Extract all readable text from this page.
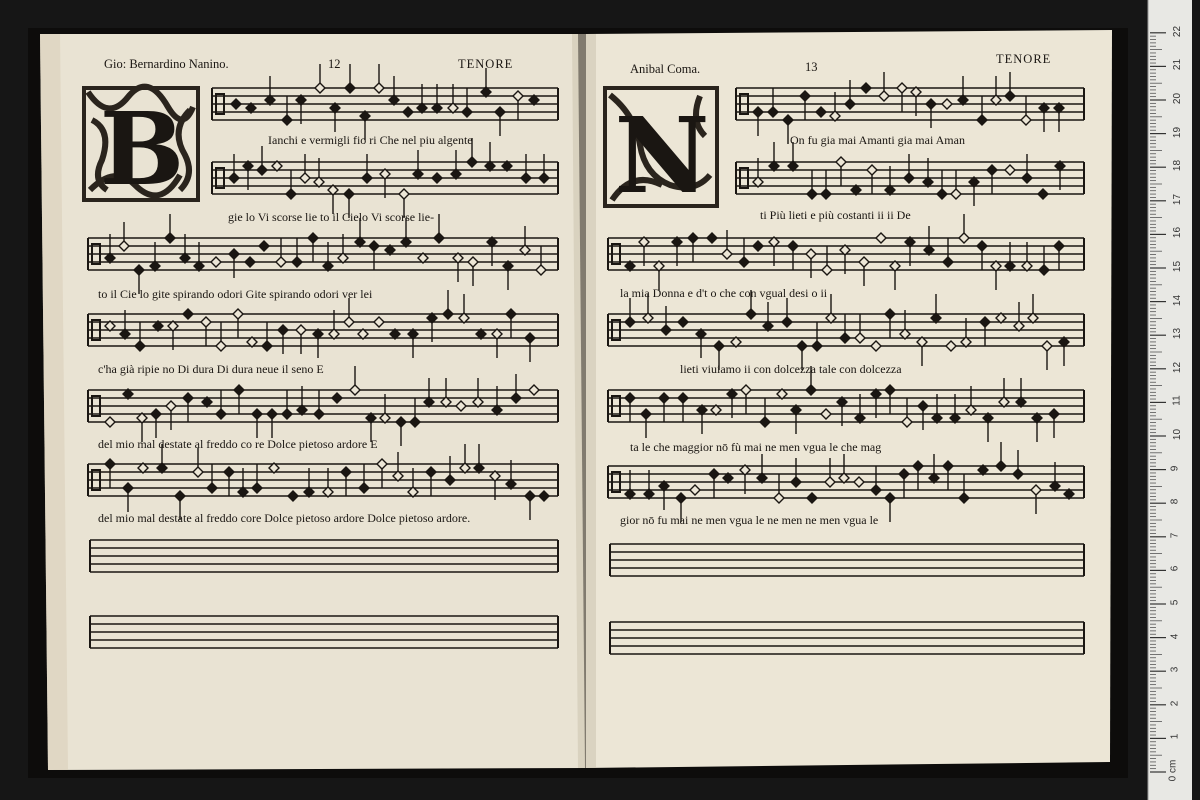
B	N
Gio: Bernardino Nanino.	12	TENORE
Ianchi e vermigli fio ri Che nel piu algente
gie lo Vi scorse lie to il Cielo Vi scorse lie-
to il Cie lo gite spirando odori Gite spirando odori ver lei
c'ha già ripie no Di dura Di dura neue il seno E
del mio mal destate al freddo co re Dolce pietoso ardore E
del mio mal destate al freddo core Dolce pietoso ardore Dolce pietoso ardore.
Anibal Coma.	13
TENORE
On fu gia mai Amanti gia mai Aman
ti Più lieti e più costanti ii ii De
la mia Donna e d't o che con vgual desi o ii
lieti viuiamo ii con dolcezza tale con dolcezza
ta le che maggior nō fù mai ne men vgua le che mag
gior nō fu mai ne men vgua le ne men ne men vgua le
0 cm
1
2
3
4
5
6
7
8
9
10
11
12
13
14
15
16
17
18
19
20
21
22
